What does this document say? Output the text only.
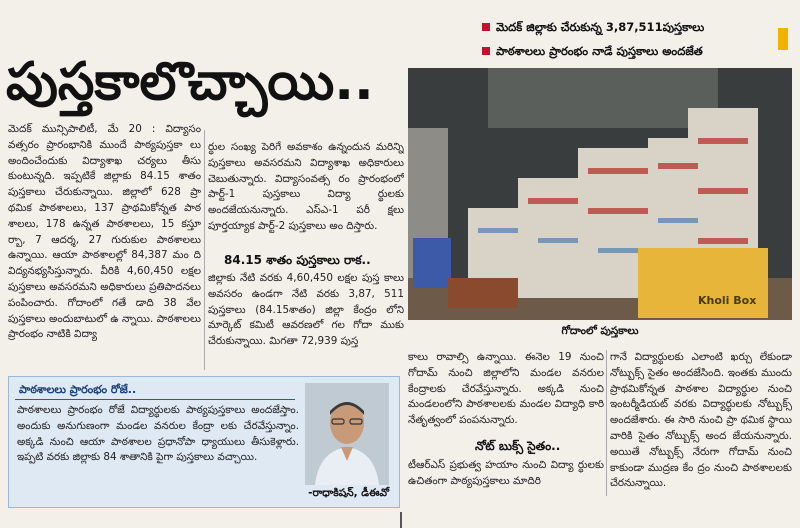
మెదక్ జిల్లాకు చేరుకున్న 3,87,511పుస్తకాలు
పాఠశాలలు ప్రారంభం నాడే పుస్తకాలు అందజేత
పుస్తకాలొచ్చాయి..

మెదక్ మున్సిపాలిటీ, మే 20 : విద్యాసం వత్సరం ప్రారంభానికి ముందే పాఠ్యపుస్తకా లు అందించేందుకు విద్యాశాఖ చర్యలు తీసు కుంటున్నది. ఇప్పటికే జిల్లాకు 84.15 శాతం పుస్తకాలు చేరుకున్నాయి. జిల్లాలో 628 ప్రా థమిక పాఠశాలలు, 137 ప్రాథమికోన్నత పాఠ శాలలు, 178 ఉన్నత పాఠశాలలు, 15 కస్తూ ర్బా, 7 ఆదర్శ, 27 గురుకుల పాఠశాలలు ఉన్నాయి. ఆయా పాఠశాలల్లో 84,387 మం ది విద్యనభ్యసిస్తున్నారు. వీరికి 4,60,450 లక్షల పుస్తకాలు అవసరమని అధికారులు ప్రతిపాదనలు పంపించారు. గోదాంలో గతే డాది 38 వేల పుస్తకాలు అందుబాటులో ఉ న్నాయి. పాఠశాలలు ప్రారంభం నాటికి విద్యా

ర్థుల సంఖ్య పెరిగే అవకాశం ఉన్నందున మరిన్ని పుస్తకాలు అవసరమని విద్యాశాఖ అధికారులు చెబుతున్నారు. విద్యాసంవత్స రం ప్రారంభంలో పార్ట్-1 పుస్తకాలు విద్యా ర్థులకు అందజేయనున్నారు. ఎస్ఎ-1 పరీ క్షలు పూర్తయ్యాక పార్ట్-2 పుస్తకాలు అం దిస్తారు.

84.15 శాతం పుస్తకాలు రాక..

జిల్లాకు నేటి వరకు 4,60,450 లక్షల పుస్త కాలు అవసరం ఉండగా నేటి వరకు 3,87, 511 పుస్తకాలు (84.15శాతం) జిల్లా కేంద్రం లోని మార్కెట్ కమిటీ ఆవరణలో గల గోదా ముకు చేరుకున్నాయి. మిగతా 72,939 పుస్త

Kholi Box
గోదాంలో పుస్తకాలు

కాలు రావాల్సి ఉన్నాయి. ఈనెల 19 నుంచి గోదామ్ నుంచి జిల్లాలోని మండల వనరుల కేంద్రాలకు చేరవేస్తున్నారు. అక్కడి నుంచి మండలంలోని పాఠశాలలకు మండల విద్యాధి కారి నేతృత్వంలో పంపనున్నారు.

నోట్ బుక్స్ సైతం..

టీఆర్ఎస్ ప్రభుత్వ హయాం నుంచి విద్యా ర్థులకు ఉచితంగా పాఠ్యపుస్తకాలు మాదిరి

గానే విద్యార్థులకు ఎలాంటి ఖర్చు లేకుండా నోట్బుక్స్ సైతం అందజేసింది. ఇంతకు ముందు ప్రాథమికోన్నత పాఠశాల విద్యార్థుల నుంచి ఇంటర్మీడియట్ వరకు విద్యార్థులకు నోట్బుక్స్ అందజేశారు. ఈ సారి నుంచి ప్రా థమిక స్థాయి వారికి సైతం నోట్బుక్స్ అంద జేయనున్నారు. అయితే నోట్బుక్స్ నేరుగా గోదామ్ నుంచి కాకుండా ముద్రణ కేం ద్రం నుంచి పాఠశాలలకు చేరనున్నాయి.

పాఠశాలలు ప్రారంభం రోజే..
పాఠశాలలు ప్రారంభం రోజే విద్యార్థులకు పాఠ్యపుస్తకాలు అందజేస్తాం. అందుకు అనుగుణంగా మండల వనరుల కేంద్రా లకు చేరవేస్తున్నాం. అక్కడి నుంచి ఆయా పాఠశాలల ప్రధానోపా ధ్యాయులు తీసుకెళ్లారు. ఇప్పటి వరకు జిల్లాకు 84 శాతానికి పైగా పుస్తకాలు వచ్చాయి.
-రాధాకిషన్, డీఈవో
